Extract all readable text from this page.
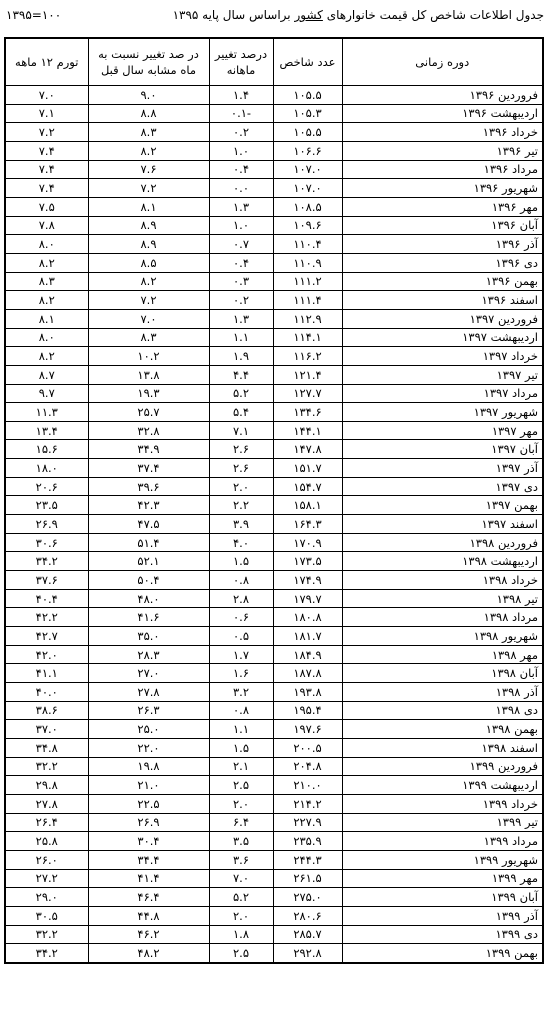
جدول اطلاعات شاخص کل قیمت خانوارهای کشور براساس سال پایه ۱۳۹۵
۱۳۹۵=۱۰۰
دوره زمانی	عدد شاخص	درصد تغییر ماهانه	در صد تغییر نسبت به ماه مشابه سال قبل	تورم ۱۲ ماهه
فروردین ۱۳۹۶	۱۰۵.۵	۱.۴	۹.۰	۷.۰
اردیبهشت ۱۳۹۶	۱۰۵.۳	-۰.۱	۸.۸	۷.۱
خرداد ۱۳۹۶	۱۰۵.۵	۰.۲	۸.۳	۷.۲
تیر ۱۳۹۶	۱۰۶.۶	۱.۰	۸.۲	۷.۴
مرداد ۱۳۹۶	۱۰۷.۰	۰.۴	۷.۶	۷.۴
شهریور ۱۳۹۶	۱۰۷.۰	۰.۰	۷.۲	۷.۴
مهر ۱۳۹۶	۱۰۸.۵	۱.۳	۸.۱	۷.۵
آبان ۱۳۹۶	۱۰۹.۶	۱.۰	۸.۹	۷.۸
آذر ۱۳۹۶	۱۱۰.۴	۰.۷	۸.۹	۸.۰
دی ۱۳۹۶	۱۱۰.۹	۰.۴	۸.۵	۸.۲
بهمن ۱۳۹۶	۱۱۱.۲	۰.۳	۸.۲	۸.۳
اسفند ۱۳۹۶	۱۱۱.۴	۰.۲	۷.۲	۸.۲
فروردین ۱۳۹۷	۱۱۲.۹	۱.۳	۷.۰	۸.۱
اردیبهشت ۱۳۹۷	۱۱۴.۱	۱.۱	۸.۳	۸.۰
خرداد ۱۳۹۷	۱۱۶.۲	۱.۹	۱۰.۲	۸.۲
تیر ۱۳۹۷	۱۲۱.۴	۴.۴	۱۳.۸	۸.۷
مرداد ۱۳۹۷	۱۲۷.۷	۵.۲	۱۹.۳	۹.۷
شهریور ۱۳۹۷	۱۳۴.۶	۵.۴	۲۵.۷	۱۱.۳
مهر ۱۳۹۷	۱۴۴.۱	۷.۱	۳۲.۸	۱۳.۴
آبان ۱۳۹۷	۱۴۷.۸	۲.۶	۳۴.۹	۱۵.۶
آذر ۱۳۹۷	۱۵۱.۷	۲.۶	۳۷.۴	۱۸.۰
دی ۱۳۹۷	۱۵۴.۷	۲.۰	۳۹.۶	۲۰.۶
بهمن ۱۳۹۷	۱۵۸.۱	۲.۲	۴۲.۳	۲۳.۵
اسفند ۱۳۹۷	۱۶۴.۳	۳.۹	۴۷.۵	۲۶.۹
فروردین ۱۳۹۸	۱۷۰.۹	۴.۰	۵۱.۴	۳۰.۶
اردیبهشت ۱۳۹۸	۱۷۳.۵	۱.۵	۵۲.۱	۳۴.۲
خرداد ۱۳۹۸	۱۷۴.۹	۰.۸	۵۰.۴	۳۷.۶
تیر ۱۳۹۸	۱۷۹.۷	۲.۸	۴۸.۰	۴۰.۴
مرداد ۱۳۹۸	۱۸۰.۸	۰.۶	۴۱.۶	۴۲.۲
شهریور ۱۳۹۸	۱۸۱.۷	۰.۵	۳۵.۰	۴۲.۷
مهر ۱۳۹۸	۱۸۴.۹	۱.۷	۲۸.۳	۴۲.۰
آبان ۱۳۹۸	۱۸۷.۸	۱.۶	۲۷.۰	۴۱.۱
آذر ۱۳۹۸	۱۹۳.۸	۳.۲	۲۷.۸	۴۰.۰
دی ۱۳۹۸	۱۹۵.۴	۰.۸	۲۶.۳	۳۸.۶
بهمن ۱۳۹۸	۱۹۷.۶	۱.۱	۲۵.۰	۳۷.۰
اسفند ۱۳۹۸	۲۰۰.۵	۱.۵	۲۲.۰	۳۴.۸
فروردین ۱۳۹۹	۲۰۴.۸	۲.۱	۱۹.۸	۳۲.۲
اردیبهشت ۱۳۹۹	۲۱۰.۰	۲.۵	۲۱.۰	۲۹.۸
خرداد ۱۳۹۹	۲۱۴.۲	۲.۰	۲۲.۵	۲۷.۸
تیر ۱۳۹۹	۲۲۷.۹	۶.۴	۲۶.۹	۲۶.۴
مرداد ۱۳۹۹	۲۳۵.۹	۳.۵	۳۰.۴	۲۵.۸
شهریور ۱۳۹۹	۲۴۴.۳	۳.۶	۳۴.۴	۲۶.۰
مهر ۱۳۹۹	۲۶۱.۵	۷.۰	۴۱.۴	۲۷.۲
آبان ۱۳۹۹	۲۷۵.۰	۵.۲	۴۶.۴	۲۹.۰
آذر ۱۳۹۹	۲۸۰.۶	۲.۰	۴۴.۸	۳۰.۵
دی ۱۳۹۹	۲۸۵.۷	۱.۸	۴۶.۲	۳۲.۲
بهمن ۱۳۹۹	۲۹۲.۸	۲.۵	۴۸.۲	۳۴.۲
